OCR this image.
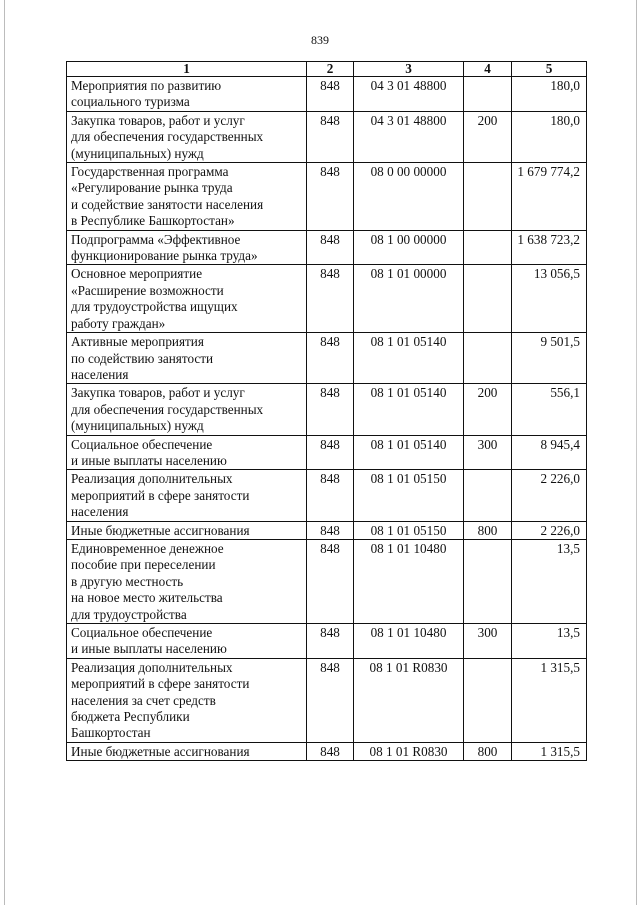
839
1	2	3	4	5
Мероприятия по развитию
социального туризма	848	04 3 01 48800		180,0
Закупка товаров, работ и услуг
для обеспечения государственных
(муниципальных) нужд	848	04 3 01 48800	200	180,0
Государственная программа
«Регулирование рынка труда
и содействие занятости населения
в Республике Башкортостан»	848	08 0 00 00000		1 679 774,2
Подпрограмма «Эффективное
функционирование рынка труда»	848	08 1 00 00000		1 638 723,2
Основное мероприятие
«Расширение возможности
для трудоустройства ищущих
работу граждан»	848	08 1 01 00000		13 056,5
Активные мероприятия
по содействию занятости
населения	848	08 1 01 05140		9 501,5
Закупка товаров, работ и услуг
для обеспечения государственных
(муниципальных) нужд	848	08 1 01 05140	200	556,1
Социальное обеспечение
и иные выплаты населению	848	08 1 01 05140	300	8 945,4
Реализация дополнительных
мероприятий в сфере занятости
населения	848	08 1 01 05150		2 226,0
Иные бюджетные ассигнования	848	08 1 01 05150	800	2 226,0
Единовременное денежное
пособие при переселении
в другую местность
на новое место жительства
для трудоустройства	848	08 1 01 10480		13,5
Социальное обеспечение
и иные выплаты населению	848	08 1 01 10480	300	13,5
Реализация дополнительных
мероприятий в сфере занятости
населения за счет средств
бюджета Республики
Башкортостан	848	08 1 01 R0830		1 315,5
Иные бюджетные ассигнования	848	08 1 01 R0830	800	1 315,5
